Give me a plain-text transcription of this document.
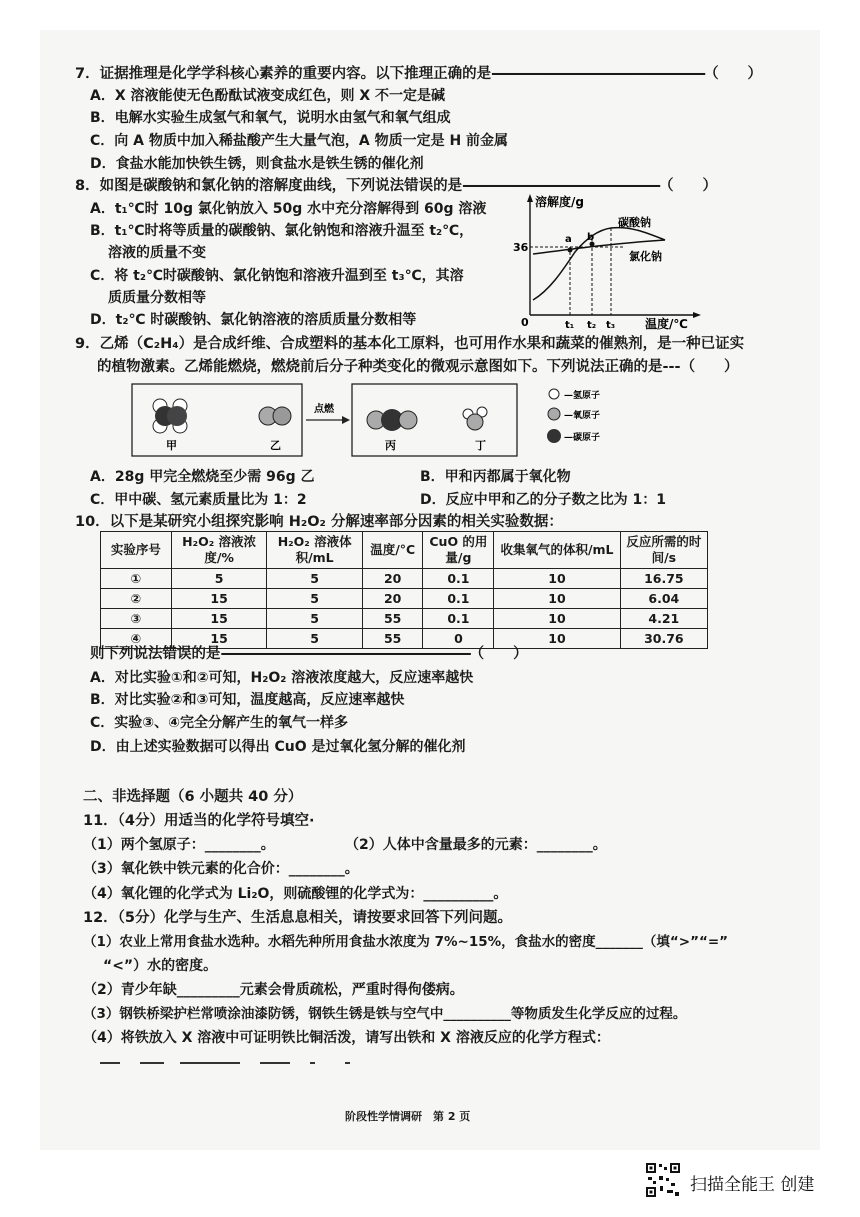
7．证据推理是化学学科核心素养的重要内容。以下推理正确的是-----------------------------------------------------（　　）
A．X 溶液能使无色酚酞试液变成红色，则 X 不一定是碱
B．电解水实验生成氢气和氧气，说明水由氢气和氧气组成
C．向 A 物质中加入稀盐酸产生大量气泡，A 物质一定是 H 前金属
D．食盐水能加快铁生锈，则食盐水是铁生锈的催化剂
8．如图是碳酸钠和氯化钠的溶解度曲线，下列说法错误的是-------------------------------------------------（　　）
A．t₁℃时 10g 氯化钠放入 50g 水中充分溶解得到 60g 溶液
B．t₁℃时将等质量的碳酸钠、氯化钠饱和溶液升温至 t₂℃，
溶液的质量不变
C．将 t₂℃时碳酸钠、氯化钠饱和溶液升温到至 t₃℃，其溶
质质量分数相等
D．t₂℃ 时碳酸钠、氯化钠溶液的溶质质量分数相等
溶解度/g
温度/℃
36
0	t₁ t₂ t₃
碳酸钠
氯化钠
a b
9．乙烯（C₂H₄）是合成纤维、合成塑料的基本化工原料，也可用作水果和蔬菜的催熟剂，是一种已证实
的植物激素。乙烯能燃烧，燃烧前后分子种类变化的微观示意图如下。下列说法正确的是---（　　）
点燃
甲	乙	丙	丁
—氢原子
—氧原子
—碳原子
A．28g 甲完全燃烧至少需 96g 乙	B．甲和丙都属于氧化物
C．甲中碳、氢元素质量比为 1：2	D．反应中甲和乙的分子数之比为 1：1
10．以下是某研究小组探究影响 H₂O₂ 分解速率部分因素的相关实验数据：
实验序号	H₂O₂ 溶液浓度/%	H₂O₂ 溶液体积/mL	温度/°C	CuO 的用量/g	收集氧气的体积/mL	反应所需的时间/s
①	5	5	20	0.1	10	16.75
②	15	5	20	0.1	10	6.04
③	15	5	55	0.1	10	4.21
④	15	5	55	0	10	30.76
则下列说法错误的是--------------------------------------------------------------（　　）
A．对比实验①和②可知，H₂O₂ 溶液浓度越大，反应速率越快
B．对比实验②和③可知，温度越高，反应速率越快
C．实验③、④完全分解产生的氧气一样多
D．由上述实验数据可以得出 CuO 是过氧化氢分解的催化剂
二、非选择题（6 小题共 40 分）
11．（4分）用适当的化学符号填空·
（1）两个氢原子：________。	（2）人体中含量最多的元素：________。
（3）氧化铁中铁元素的化合价：________。
（4）氧化锂的化学式为 Li₂O，则硫酸锂的化学式为：__________。
12．（5分）化学与生产、生活息息相关，请按要求回答下列问题。
（1）农业上常用食盐水选种。水稻先种所用食盐水浓度为 7%~15%，食盐水的密度_______（填“>”“=”
“<”）水的密度。
（2）青少年缺_________元素会骨质疏松，严重时得佝偻病。
（3）钢铁桥梁护栏常喷涂油漆防锈，钢铁生锈是铁与空气中__________等物质发生化学反应的过程。
（4）将铁放入 X 溶液中可证明铁比铜活泼，请写出铁和 X 溶液反应的化学方程式：
阶段性学情调研　第 2 页
扫描全能王 创建
